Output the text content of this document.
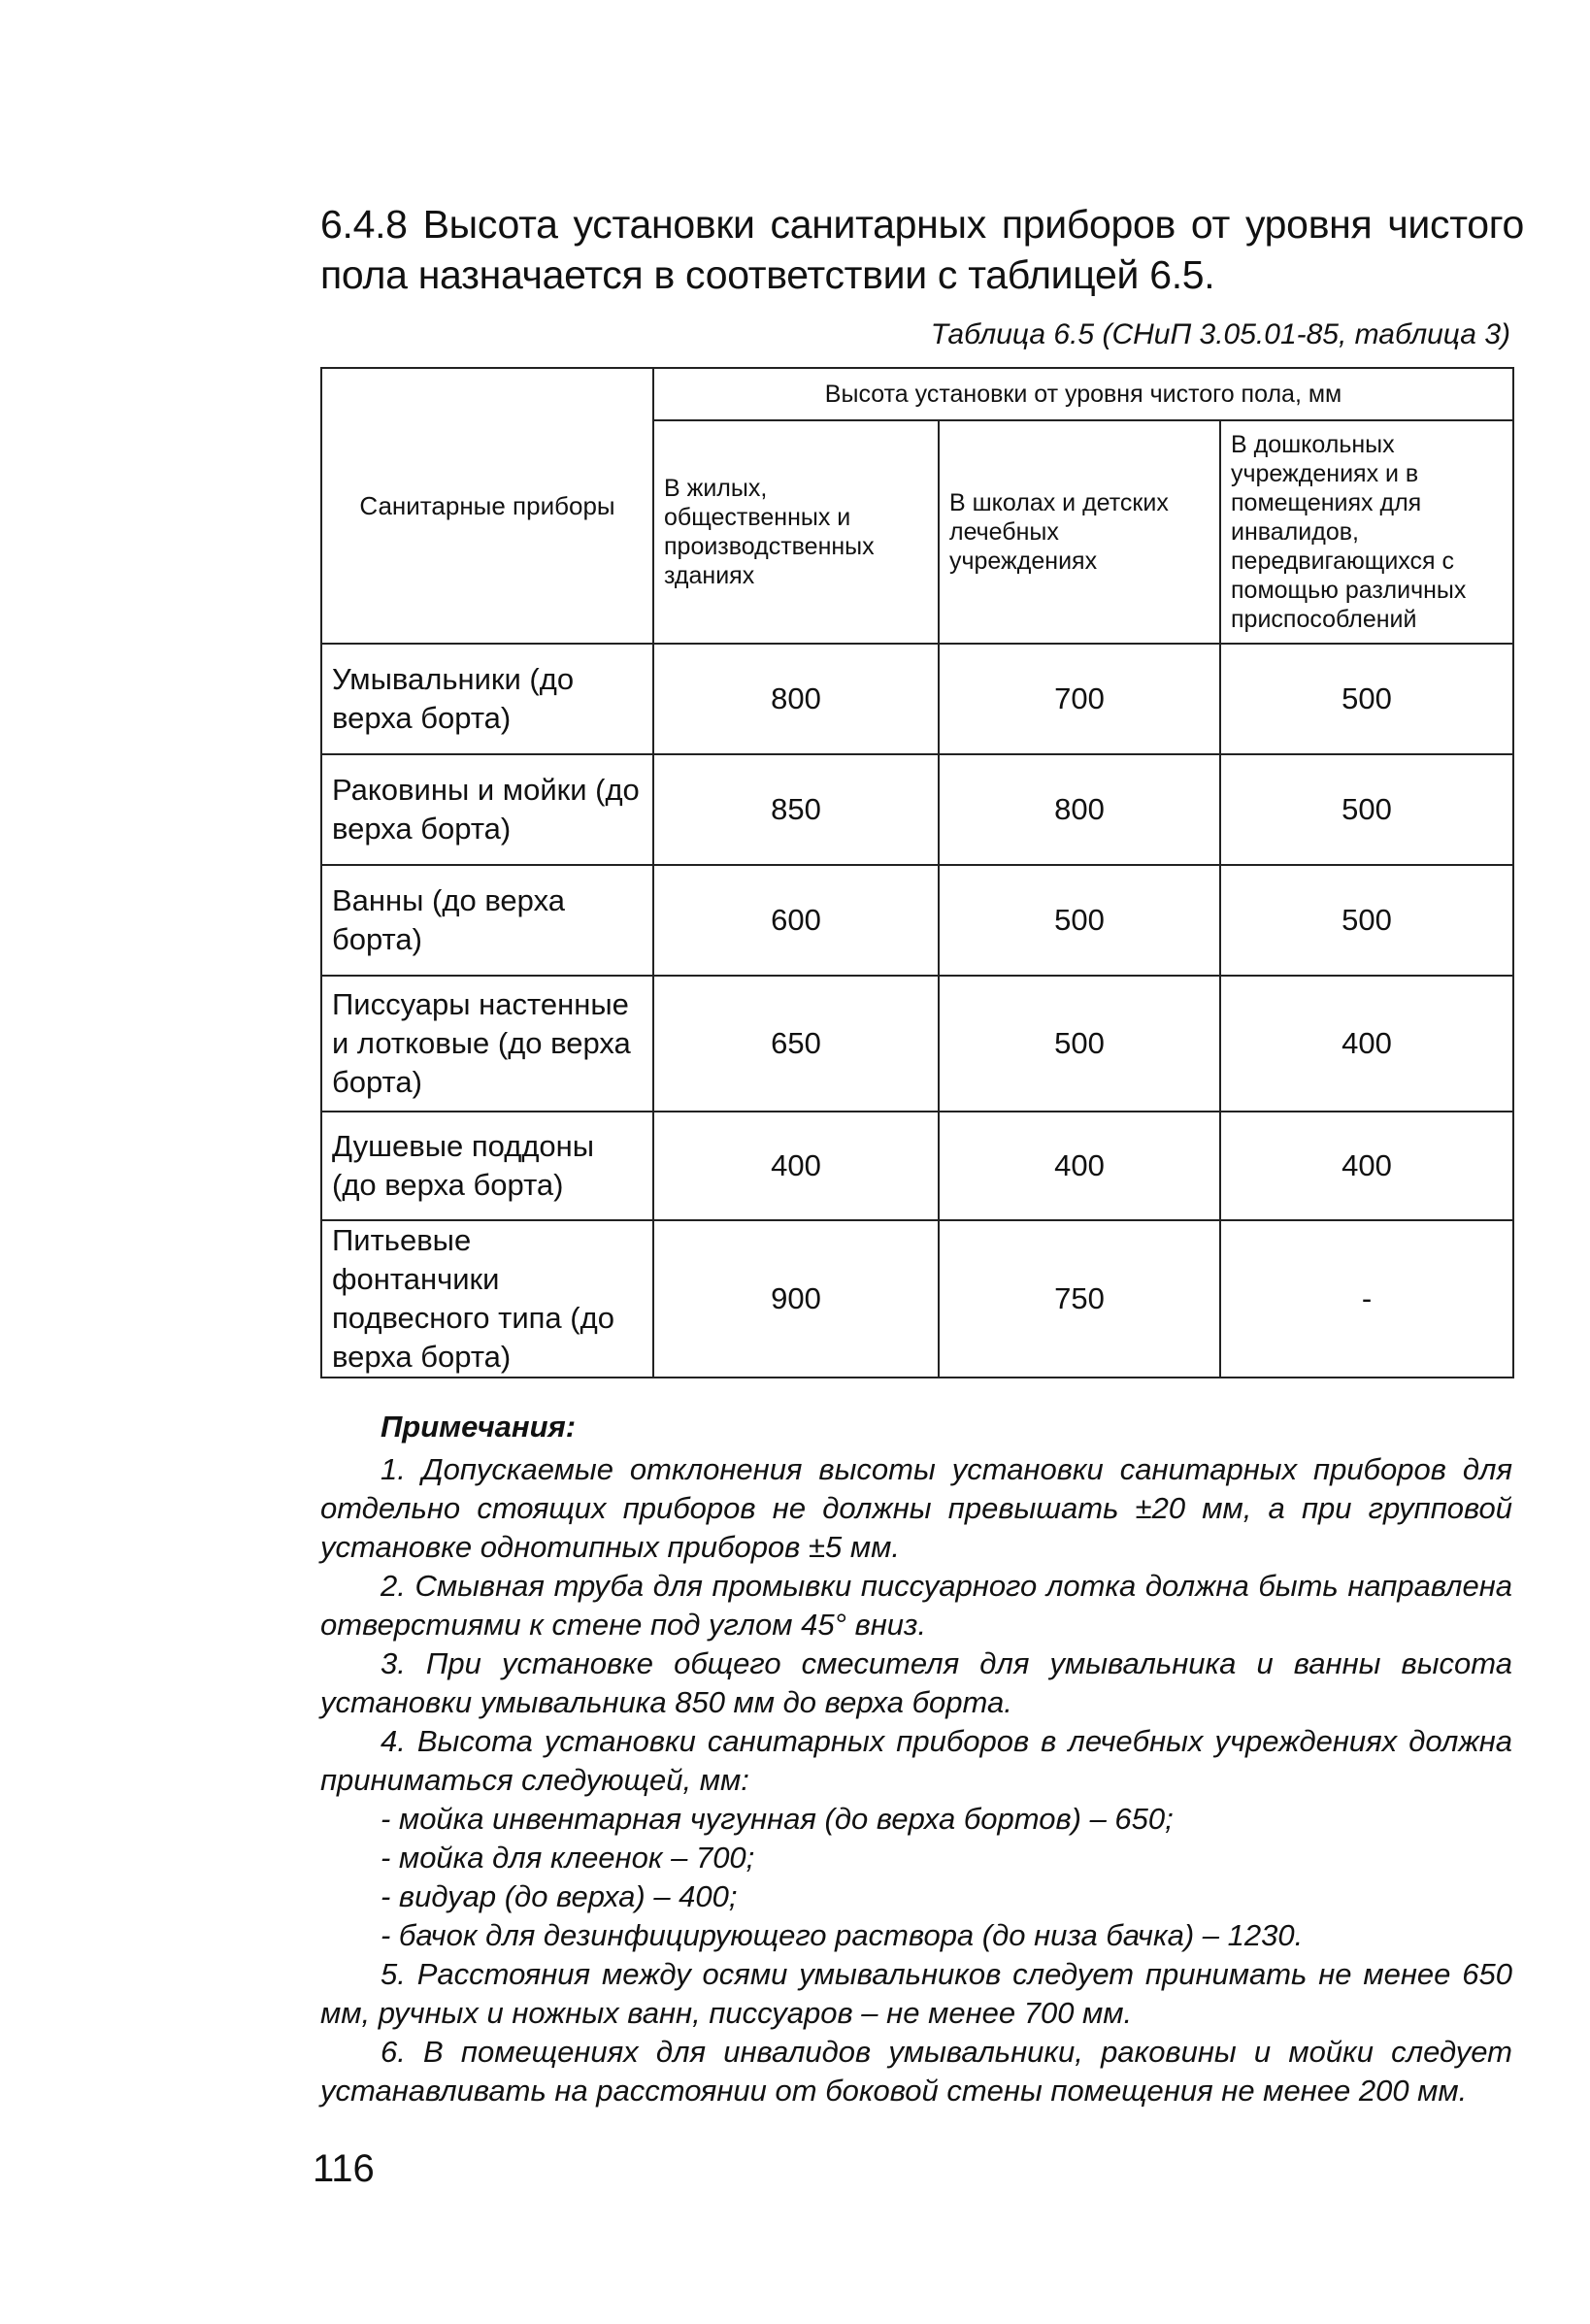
6.4.8 Высота установки санитарных приборов от уровня чистого пола назначается в соответствии с таблицей 6.5.
Таблица 6.5 (СНиП 3.05.01-85, таблица 3)
Санитарные приборы	Высота установки от уровня чистого пола, мм		
	В жилых, общественных и производственных зданиях	В школах и детских лечебных учреждениях	В дошкольных учреждениях и в помещениях для инвалидов, передвигающихся с помощью различных приспособлений
Умывальники (до верха борта)	800	700	500
Раковины и мойки (до верха борта)	850	800	500
Ванны (до верха борта)	600	500	500
Писсуары настенные и лотковые (до верха борта)	650	500	400
Душевые поддоны (до верха борта)	400	400	400
Питьевые фонтанчики подвесного типа (до верха борта)	900	750	-
Примечания:

1. Допускаемые отклонения высоты установки санитарных приборов для отдельно стоящих приборов не должны превышать ±20 мм, а при групповой установке однотипных приборов ±5 мм.

2. Смывная труба для промывки писсуарного лотка должна быть направлена отверстиями к стене под углом 45° вниз.

3. При установке общего смесителя для умывальника и ванны высота установки умывальника 850 мм до верха борта.

4. Высота установки санитарных приборов в лечебных учреждениях должна приниматься следующей, мм:

- мойка инвентарная чугунная (до верха бортов) – 650;
- мойка для клеенок – 700;
- видуар (до верха) – 400;
- бачок для дезинфицирующего раствора (до низа бачка) – 1230.

5. Расстояния между осями умывальников следует принимать не менее 650 мм, ручных и ножных ванн, писсуаров – не менее 700 мм.

6. В помещениях для инвалидов умывальники, раковины и мойки следует устанавливать на расстоянии от боковой стены помещения не менее 200 мм.

116
